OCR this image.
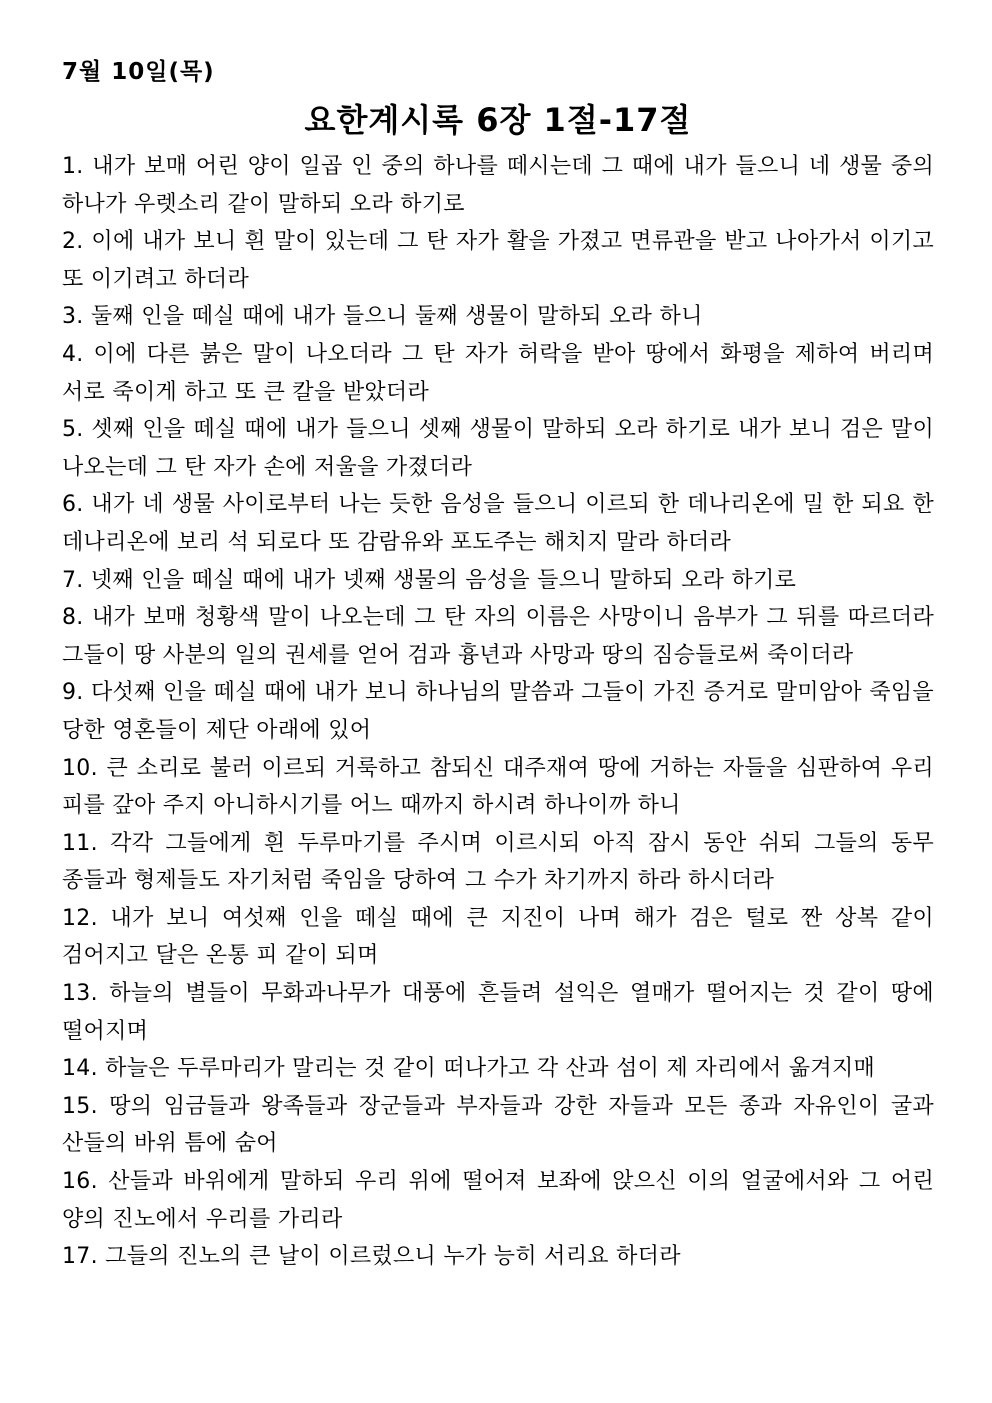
7월 10일(목)
요한계시록 6장 1절-17절
1. 내가 보매 어린 양이 일곱 인 중의 하나를 떼시는데 그 때에 내가 들으니 네 생물 중의 하나가 우렛소리 같이 말하되 오라 하기로
2. 이에 내가 보니 흰 말이 있는데 그 탄 자가 활을 가졌고 면류관을 받고 나아가서 이기고 또 이기려고 하더라
3. 둘째 인을 떼실 때에 내가 들으니 둘째 생물이 말하되 오라 하니
4. 이에 다른 붉은 말이 나오더라 그 탄 자가 허락을 받아 땅에서 화평을 제하여 버리며 서로 죽이게 하고 또 큰 칼을 받았더라
5. 셋째 인을 떼실 때에 내가 들으니 셋째 생물이 말하되 오라 하기로 내가 보니 검은 말이 나오는데 그 탄 자가 손에 저울을 가졌더라
6. 내가 네 생물 사이로부터 나는 듯한 음성을 들으니 이르되 한 데나리온에 밀 한 되요 한 데나리온에 보리 석 되로다 또 감람유와 포도주는 해치지 말라 하더라
7. 넷째 인을 떼실 때에 내가 넷째 생물의 음성을 들으니 말하되 오라 하기로
8. 내가 보매 청황색 말이 나오는데 그 탄 자의 이름은 사망이니 음부가 그 뒤를 따르더라 그들이 땅 사분의 일의 권세를 얻어 검과 흉년과 사망과 땅의 짐승들로써 죽이더라
9. 다섯째 인을 떼실 때에 내가 보니 하나님의 말씀과 그들이 가진 증거로 말미암아 죽임을 당한 영혼들이 제단 아래에 있어
10. 큰 소리로 불러 이르되 거룩하고 참되신 대주재여 땅에 거하는 자들을 심판하여 우리 피를 갚아 주지 아니하시기를 어느 때까지 하시려 하나이까 하니
11. 각각 그들에게 흰 두루마기를 주시며 이르시되 아직 잠시 동안 쉬되 그들의 동무 종들과 형제들도 자기처럼 죽임을 당하여 그 수가 차기까지 하라 하시더라
12. 내가 보니 여섯째 인을 떼실 때에 큰 지진이 나며 해가 검은 털로 짠 상복 같이 검어지고 달은 온통 피 같이 되며
13. 하늘의 별들이 무화과나무가 대풍에 흔들려 설익은 열매가 떨어지는 것 같이 땅에 떨어지며
14. 하늘은 두루마리가 말리는 것 같이 떠나가고 각 산과 섬이 제 자리에서 옮겨지매
15. 땅의 임금들과 왕족들과 장군들과 부자들과 강한 자들과 모든 종과 자유인이 굴과 산들의 바위 틈에 숨어
16. 산들과 바위에게 말하되 우리 위에 떨어져 보좌에 앉으신 이의 얼굴에서와 그 어린 양의 진노에서 우리를 가리라
17. 그들의 진노의 큰 날이 이르렀으니 누가 능히 서리요 하더라
